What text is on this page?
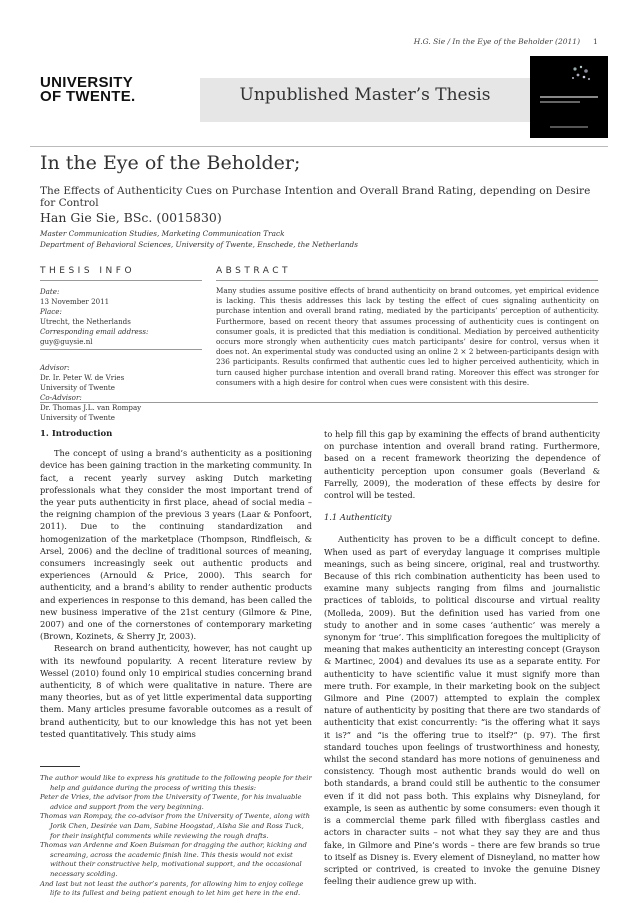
H.G. Sie / In the Eye of the Beholder (2011) 1
UNIVERSITY
OF TWENTE.	Unpublished Master’s Thesis
In the Eye of the Beholder;
The Effects of Authenticity Cues on Purchase Intention and Overall Brand Rating, depending on Desire for Control
Han Gie Sie, BSc. (0015830)
Master Communication Studies, Marketing Communication Track
Department of Behavioral Sciences, University of Twente, Enschede, the Netherlands
THESIS INFO	ABSTRACT
Date:
13 November 2011
Place:
Utrecht, the Netherlands
Corresponding email address:
guy@guysie.nl
Advisor:
Dr. Ir. Peter W. de Vries
University of Twente
Co-Advisor:
Dr. Thomas J.L. van Rompay
University of Twente
Many studies assume positive effects of brand authenticity on brand outcomes, yet empirical evidence is lacking. This thesis addresses this lack by testing the effect of cues signaling authenticity on purchase intention and overall brand rating, mediated by the participants’ perception of authenticity. Furthermore, based on recent theory that assumes processing of authenticity cues is contingent on consumer goals, it is predicted that this mediation is conditional. Mediation by perceived authenticity occurs more strongly when authenticity cues match participants’ desire for control, versus when it does not. An experimental study was conducted using an online 2 × 2 between-participants design with 236 participants. Results confirmed that authentic cues led to higher perceived authenticity, which in turn caused higher purchase intention and overall brand rating. Moreover this effect was stronger for consumers with a high desire for control when cues were consistent with this desire.

1. Introduction

The concept of using a brand’s authenticity as a positioning device has been gaining traction in the marketing community. In fact, a recent yearly survey asking Dutch marketing professionals what they consider the most important trend of the year puts authenticity in first place, ahead of social media – the reigning champion of the previous 3 years (Laar & Ponfoort, 2011). Due to the continuing standardization and homogenization of the marketplace (Thompson, Rindfleisch, & Arsel, 2006) and the decline of traditional sources of meaning, consumers increasingly seek out authentic products and experiences (Arnould & Price, 2000). This search for authenticity, and a brand’s ability to render authentic products and experiences in response to this demand, has been called the new business imperative of the 21st century (Gilmore & Pine, 2007) and one of the cornerstones of contemporary marketing (Brown, Kozinets, & Sherry Jr, 2003).

Research on brand authenticity, however, has not caught up with its newfound popularity. A recent literature review by Wessel (2010) found only 10 empirical studies concerning brand authenticity, 8 of which were qualitative in nature. There are many theories, but as of yet little experimental data supporting them. Many articles presume favorable outcomes as a result of brand authenticity, but to our knowledge this has not yet been tested quantitatively. This study aims

to help fill this gap by examining the effects of brand authenticity on purchase intention and overall brand rating. Furthermore, based on a recent framework theorizing the dependence of authenticity perception upon consumer goals (Beverland & Farrelly, 2009), the moderation of these effects by desire for control will be tested.

1.1 Authenticity

Authenticity has proven to be a difficult concept to define. When used as part of everyday language it comprises multiple meanings, such as being sincere, original, real and trustworthy. Because of this rich combination authenticity has been used to examine many subjects ranging from films and journalistic practices of tabloids, to political discourse and virtual reality (Molleda, 2009). But the definition used has varied from one study to another and in some cases ‘authentic’ was merely a synonym for ‘true’. This simplification foregoes the multiplicity of meaning that makes authenticity an interesting concept (Grayson & Martinec, 2004) and devalues its use as a separate entity. For authenticity to have scientific value it must signify more than mere truth. For example, in their marketing book on the subject Gilmore and Pine (2007) attempted to explain the complex nature of authenticity by positing that there are two standards of authenticity that exist concurrently: “is the offering what it says it is?” and “is the offering true to itself?” (p. 97). The first standard touches upon feelings of trustworthiness and honesty, whilst the second standard has more notions of genuineness and consistency. Though most authentic brands would do well on both standards, a brand could still be authentic to the consumer even if it did not pass both. This explains why Disneyland, for example, is seen as authentic by some consumers: even though it is a commercial theme park filled with fiberglass castles and actors in character suits – not what they say they are and thus fake, in Gilmore and Pine’s words – there are few brands so true to itself as Disney is. Every element of Disneyland, no matter how scripted or contrived, is created to invoke the genuine Disney feeling their audience grew up with.

The author would like to express his gratitude to the following people for their help and guidance during the process of writing this thesis:

Peter de Vries, the advisor from the University of Twente, for his invaluable advice and support from the very beginning.

Thomas van Rompay, the co-advisor from the University of Twente, along with Jorik Chen, Desirée van Dam, Sabine Hoogstad, Aïsha Sie and Ross Tuck, for their insightful comments while reviewing the rough drafts.

Thomas van Ardenne and Koen Buisman for dragging the author, kicking and screaming, across the academic finish line. This thesis would not exist without their constructive help, motivational support, and the occasional necessary scolding.

And last but not least the author’s parents, for allowing him to enjoy college life to its fullest and being patient enough to let him get here in the end.
